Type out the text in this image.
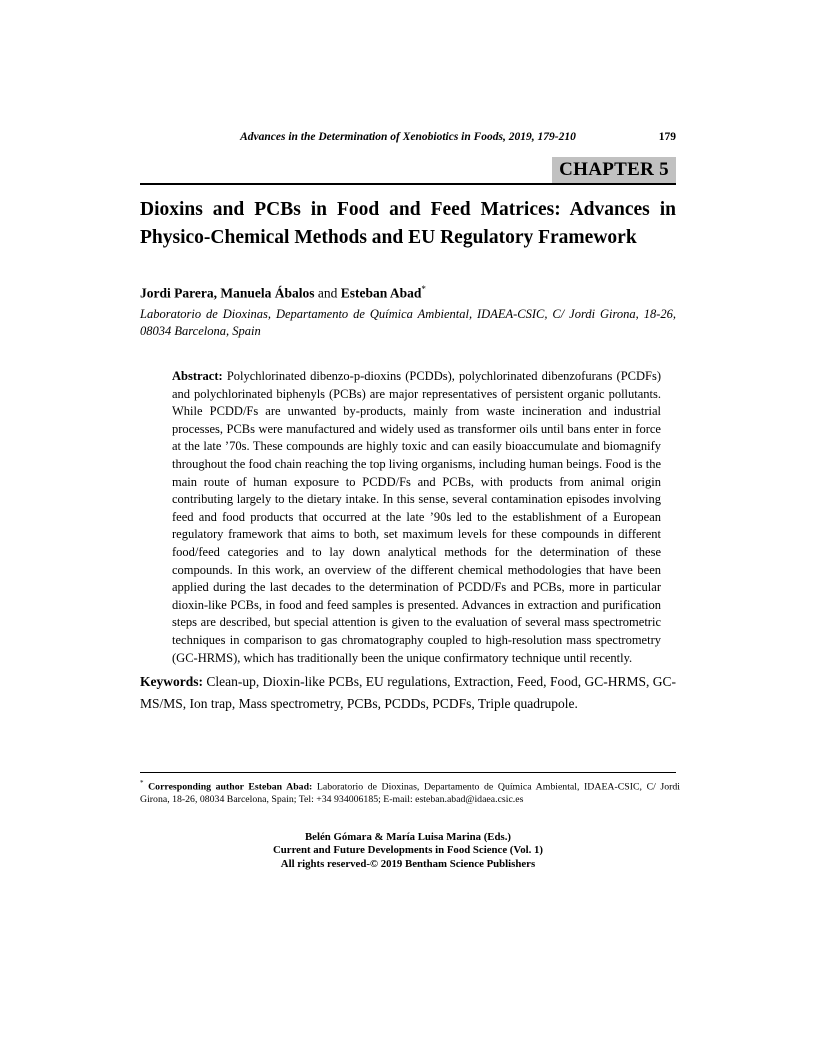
Advances in the Determination of Xenobiotics in Foods, 2019, 179-210	179
CHAPTER 5
Dioxins and PCBs in Food and Feed Matrices: Advances in Physico-Chemical Methods and EU Regulatory Framework
Jordi Parera, Manuela Ábalos and Esteban Abad*
Laboratorio de Dioxinas, Departamento de Química Ambiental, IDAEA-CSIC, C/ Jordi Girona, 18-26, 08034 Barcelona, Spain
Abstract: Polychlorinated dibenzo-p-dioxins (PCDDs), polychlorinated dibenzofurans (PCDFs) and polychlorinated biphenyls (PCBs) are major representatives of persistent organic pollutants. While PCDD/Fs are unwanted by-products, mainly from waste incineration and industrial processes, PCBs were manufactured and widely used as transformer oils until bans enter in force at the late ’70s. These compounds are highly toxic and can easily bioaccumulate and biomagnify throughout the food chain reaching the top living organisms, including human beings. Food is the main route of human exposure to PCDD/Fs and PCBs, with products from animal origin contributing largely to the dietary intake. In this sense, several contamination episodes involving feed and food products that occurred at the late ’90s led to the establishment of a European regulatory framework that aims to both, set maximum levels for these compounds in different food/feed categories and to lay down analytical methods for the determination of these compounds. In this work, an overview of the different chemical methodologies that have been applied during the last decades to the determination of PCDD/Fs and PCBs, more in particular dioxin-like PCBs, in food and feed samples is presented. Advances in extraction and purification steps are described, but special attention is given to the evaluation of several mass spectrometric techniques in comparison to gas chromatography coupled to high-resolution mass spectrometry (GC-HRMS), which has traditionally been the unique confirmatory technique until recently.
Keywords: Clean-up, Dioxin-like PCBs, EU regulations, Extraction, Feed, Food, GC-HRMS, GC-MS/MS, Ion trap, Mass spectrometry, PCBs, PCDDs, PCDFs, Triple quadrupole.
* Corresponding author Esteban Abad: Laboratorio de Dioxinas, Departamento de Química Ambiental, IDAEA-CSIC, C/ Jordi Girona, 18-26, 08034 Barcelona, Spain; Tel: +34 934006185; E-mail: esteban.abad@idaea.csic.es
Belén Gómara & María Luisa Marina (Eds.)
Current and Future Developments in Food Science (Vol. 1)
All rights reserved-© 2019 Bentham Science Publishers
